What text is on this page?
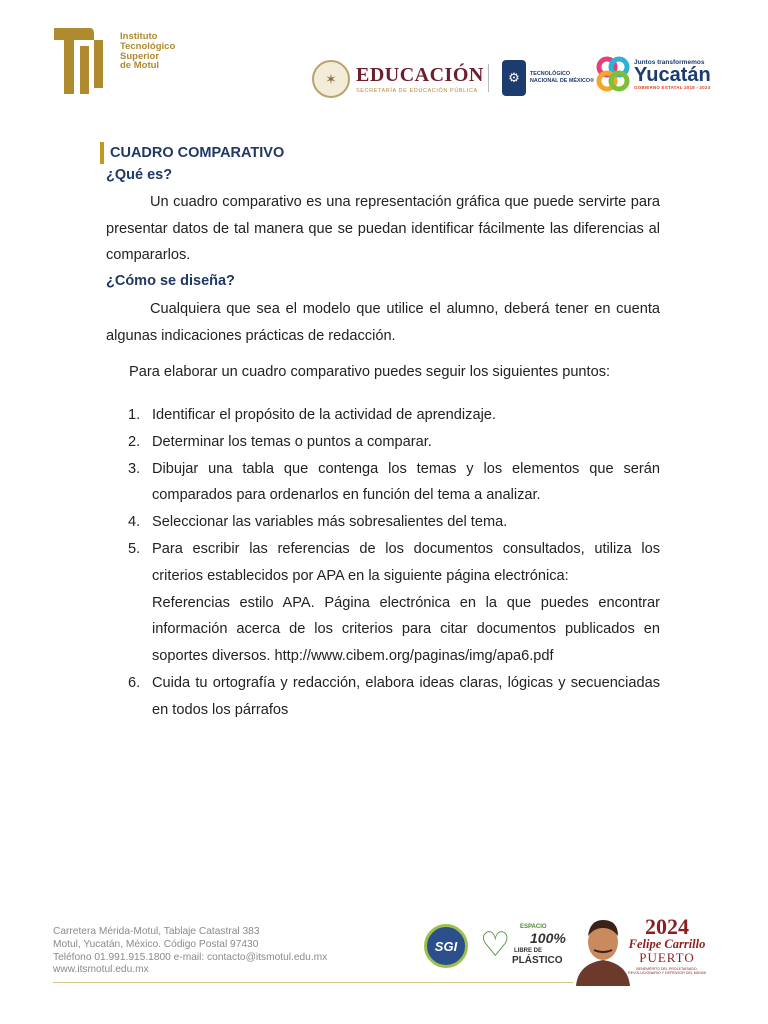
Instituto
Tecnológico
Superior
de Motul
✶ EDUCACIÓN
SECRETARÍA DE EDUCACIÓN PÚBLICA
⚙	TECNOLÓGICO
NACIONAL DE MÉXICO®
Juntos transformemos
Yucatán
GOBIERNO ESTATAL 2018 - 2024
CUADRO COMPARATIVO
¿Qué es?
Un cuadro comparativo es una representación gráfica que puede servirte para presentar datos de tal manera que se puedan identificar fácilmente las diferencias al compararlos.
¿Cómo se diseña?
Cualquiera que sea el modelo que utilice el alumno, deberá tener en cuenta algunas indicaciones prácticas de redacción.
Para elaborar un cuadro comparativo puedes seguir los siguientes puntos:
1. Identificar el propósito de la actividad de aprendizaje.
2. Determinar los temas o puntos a comparar.
3. Dibujar una tabla que contenga los temas y los elementos que serán comparados para ordenarlos en función del tema a analizar.
4. Seleccionar las variables más sobresalientes del tema.
5. Para escribir las referencias de los documentos consultados, utiliza los criterios establecidos por APA en la siguiente página electrónica:
Referencias estilo APA. Página electrónica en la que puedes encontrar información acerca de los criterios para citar documentos publicados en soportes diversos. http://www.cibem.org/paginas/img/apa6.pdf
6. Cuida tu ortografía y redacción, elabora ideas claras, lógicas y secuenciadas en todos los párrafos
Carretera Mérida-Motul, Tablaje Catastral 383
Motul, Yucatán, México. Código Postal 97430
Teléfono 01.991.915.1800 e-mail: contacto@itsmotul.edu.mx
www.itsmotul.edu.mx
SGI ♡ ESPACIO
100%
LIBRE DE
PLÁSTICO
2024
Felipe Carrillo
PUERTO
BENEMÉRITO DEL PROLETARIADO, REVOLUCIONARIO Y DEFENSOR DEL MAYAB
